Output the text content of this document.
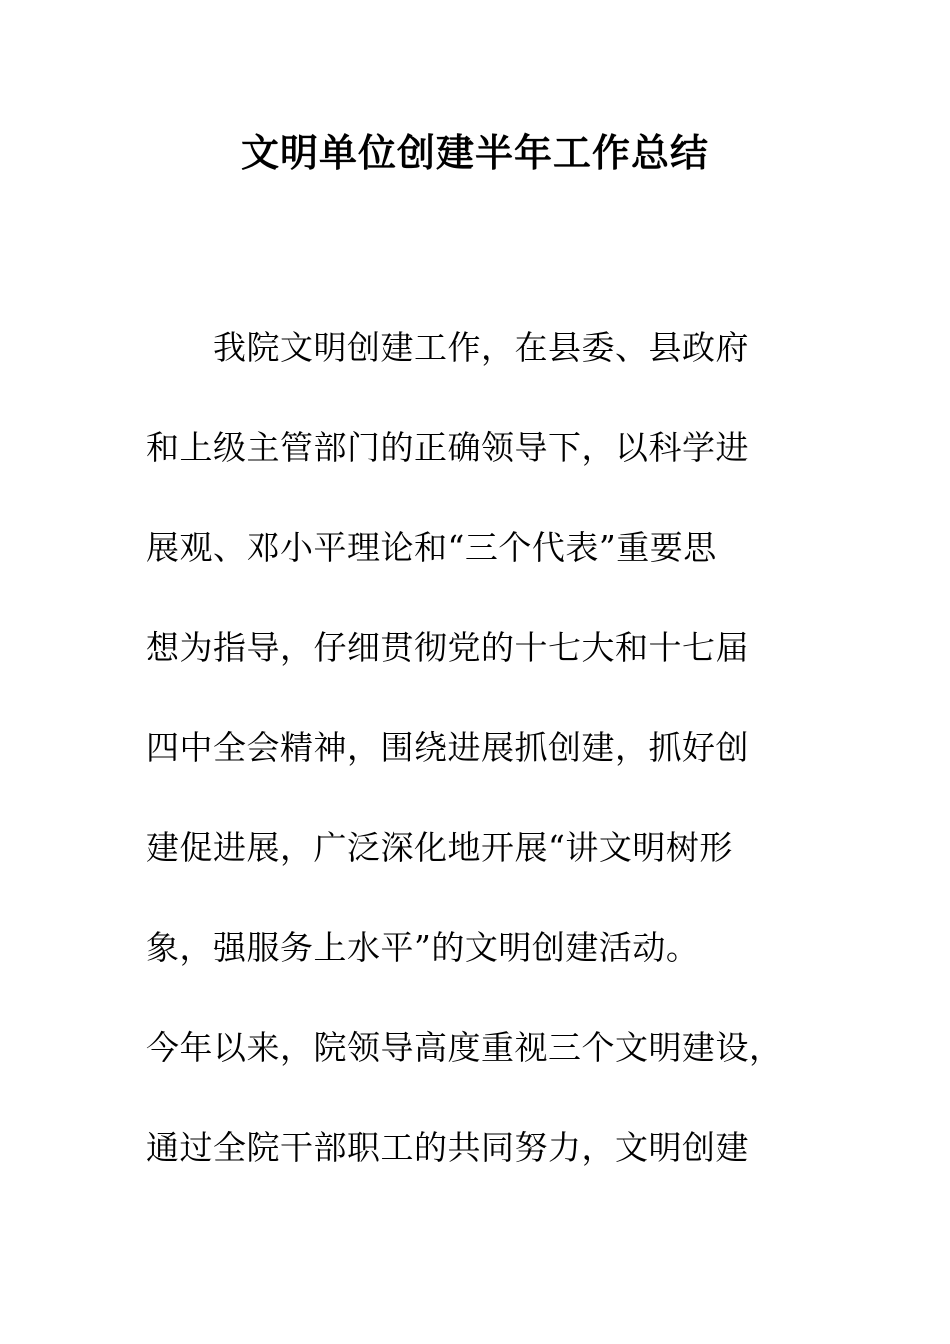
文明单位创建半年工作总结
　　我院文明创建工作，在县委、县政府
和上级主管部门的正确领导下，以科学进
展观、邓小平理论和“三个代表”重要思
想为指导，仔细贯彻党的十七大和十七届
四中全会精神，围绕进展抓创建，抓好创
建促进展，广泛深化地开展“讲文明树形
象，强服务上水平”的文明创建活动。
今年以来，院领导高度重视三个文明建设，
通过全院干部职工的共同努力，文明创建
